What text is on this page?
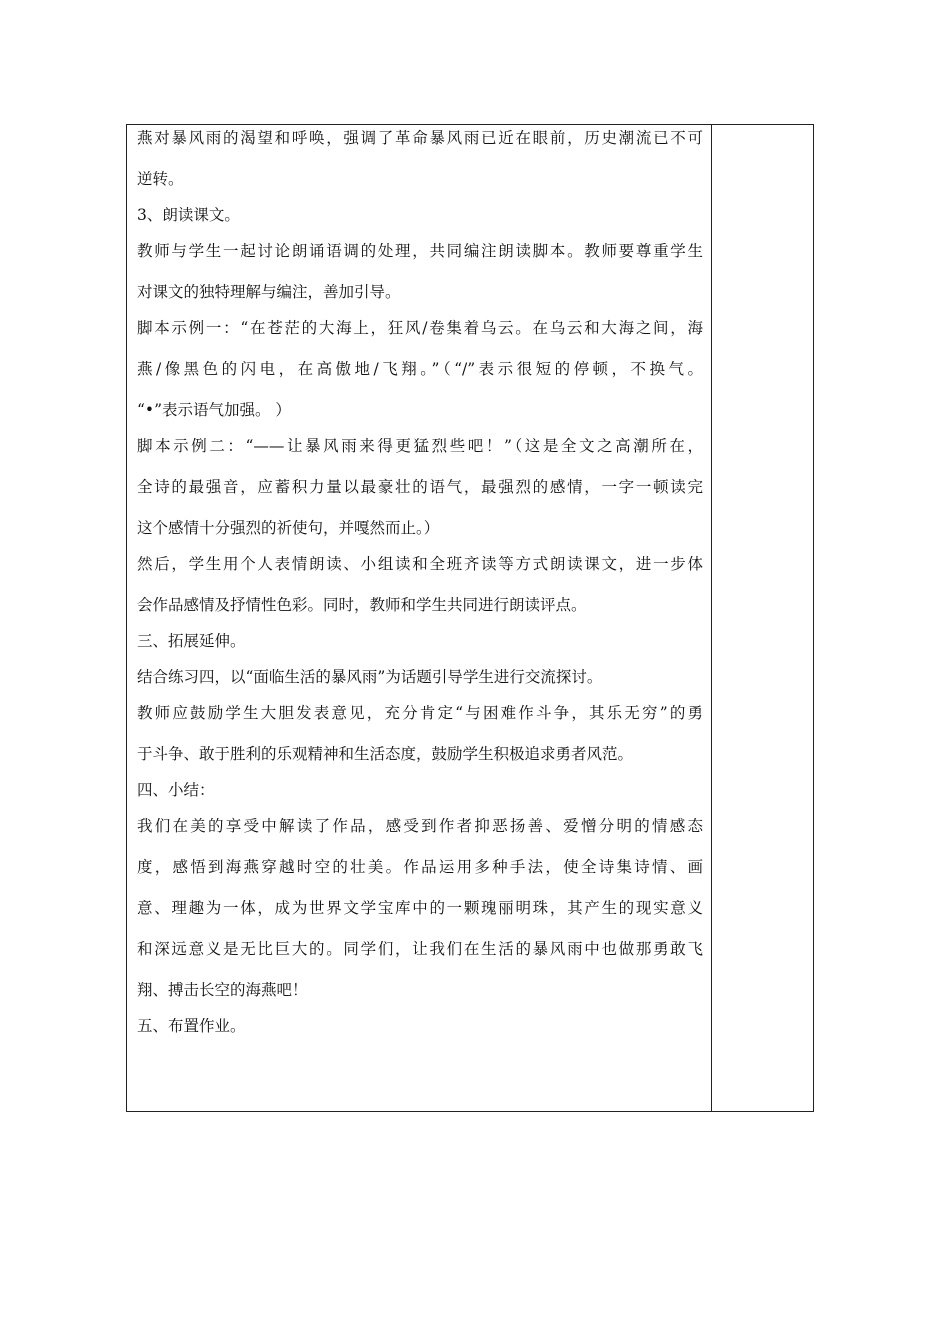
燕对暴风雨的渴望和呼唤，强调了革命暴风雨已近在眼前，历史潮流已不可
逆转。
3、朗读课文。
教师与学生一起讨论朗诵语调的处理，共同编注朗读脚本。教师要尊重学生
对课文的独特理解与编注，善加引导。
脚本示例一：“在苍茫的大海上，狂风/卷集着乌云。在乌云和大海之间，海
燕/像黑色的闪电，在高傲地/飞翔。”（“/”表示很短的停顿，不换气。
“•”表示语气加强。 ）
脚本示例二：“——让暴风雨来得更猛烈些吧！”（这是全文之高潮所在，
全诗的最强音，应蓄积力量以最豪壮的语气，最强烈的感情，一字一顿读完
这个感情十分强烈的祈使句，并嘎然而止。）
然后，学生用个人表情朗读、小组读和全班齐读等方式朗读课文，进一步体
会作品感情及抒情性色彩。同时，教师和学生共同进行朗读评点。
三、拓展延伸。
结合练习四，以“面临生活的暴风雨”为话题引导学生进行交流探讨。
教师应鼓励学生大胆发表意见，充分肯定“与困难作斗争，其乐无穷”的勇
于斗争、敢于胜利的乐观精神和生活态度，鼓励学生积极追求勇者风范。
四、小结：
我们在美的享受中解读了作品，感受到作者抑恶扬善、爱憎分明的情感态
度，感悟到海燕穿越时空的壮美。作品运用多种手法，使全诗集诗情、画
意、理趣为一体，成为世界文学宝库中的一颗瑰丽明珠，其产生的现实意义
和深远意义是无比巨大的。同学们，让我们在生活的暴风雨中也做那勇敢飞
翔、搏击长空的海燕吧！
五、布置作业。
